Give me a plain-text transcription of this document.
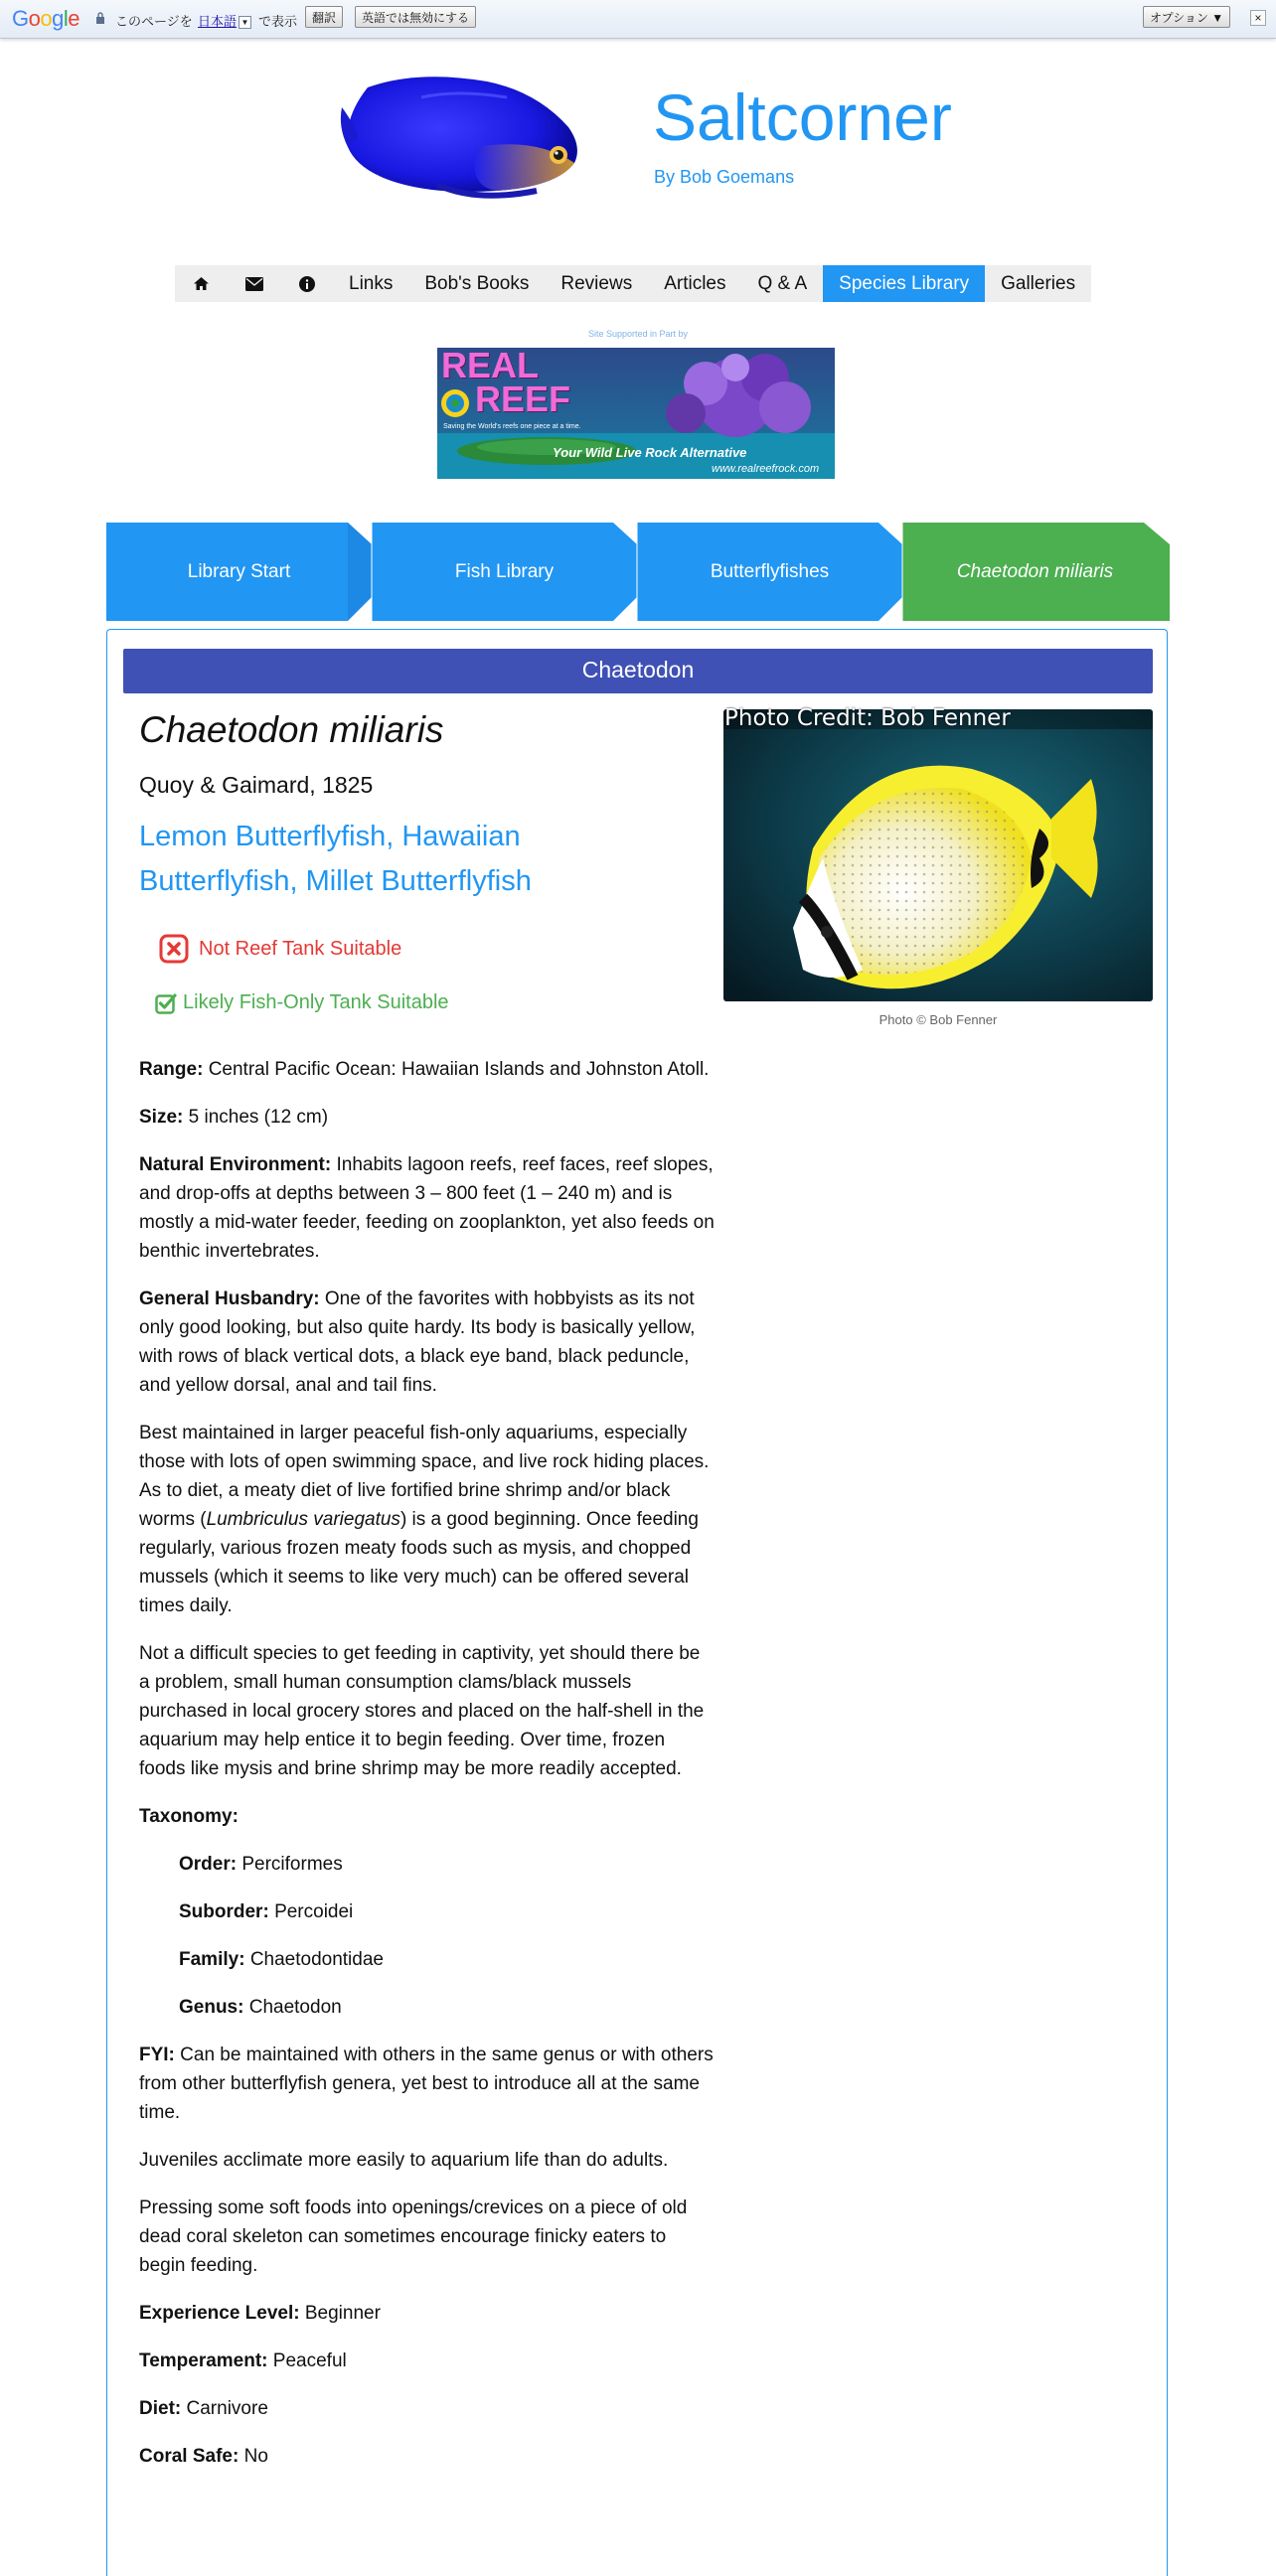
Google	このページを 日本語 ▼ で表示	翻訳	英語では無効にする	オプション ▼	×
Saltcorner
By Bob Goemans
Links	Bob's Books	Reviews	Articles	Q & A	Species Library	Galleries
Site Supported in Part by
REAL
REEF
Saving the World's reefs one piece at a time.
Your Wild Live Rock Alternative
www.realreefrock.com
Library Start	Fish Library	Butterflyfishes	Chaetodon miliaris
Chaetodon
Chaetodon miliaris
Quoy & Gaimard, 1825
Lemon Butterflyfish, Hawaiian Butterflyfish, Millet Butterflyfish
Not Reef Tank Suitable
Likely Fish-Only Tank Suitable
Photo Credit: Bob Fenner
Photo © Bob Fenner

Range: Central Pacific Ocean: Hawaiian Islands and Johnston Atoll.

Size: 5 inches (12 cm)

Natural Environment: Inhabits lagoon reefs, reef faces, reef slopes, and drop-offs at depths between 3 – 800 feet (1 – 240 m) and is mostly a mid-water feeder, feeding on zooplankton, yet also feeds on benthic invertebrates.

General Husbandry: One of the favorites with hobbyists as its not only good looking, but also quite hardy. Its body is basically yellow, with rows of black vertical dots, a black eye band, black peduncle, and yellow dorsal, anal and tail fins.

Best maintained in larger peaceful fish-only aquariums, especially those with lots of open swimming space, and live rock hiding places. As to diet, a meaty diet of live fortified brine shrimp and/or black worms (Lumbriculus variegatus) is a good beginning. Once feeding regularly, various frozen meaty foods such as mysis, and chopped mussels (which it seems to like very much) can be offered several times daily.

Not a difficult species to get feeding in captivity, yet should there be a problem, small human consumption clams/black mussels purchased in local grocery stores and placed on the half-shell in the aquarium may help entice it to begin feeding. Over time, frozen foods like mysis and brine shrimp may be more readily accepted.

Taxonomy:

Order: Perciformes

Suborder: Percoidei

Family: Chaetodontidae

Genus: Chaetodon

FYI: Can be maintained with others in the same genus or with others from other butterflyfish genera, yet best to introduce all at the same time.

Juveniles acclimate more easily to aquarium life than do adults.

Pressing some soft foods into openings/crevices on a piece of old dead coral skeleton can sometimes encourage finicky eaters to begin feeding.

Experience Level: Beginner

Temperament: Peaceful

Diet: Carnivore

Coral Safe: No
